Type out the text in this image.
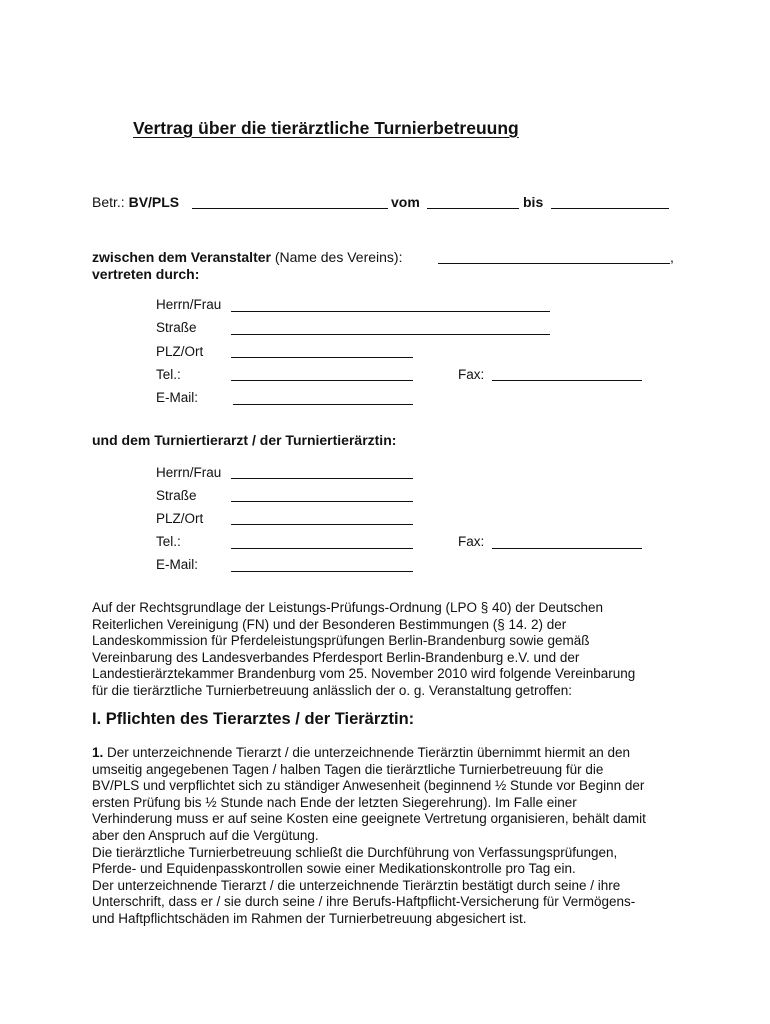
Vertrag über die tierärztliche Turnierbetreuung
Betr.: BV/PLS	vom	bis
zwischen dem Veranstalter (Name des Vereins):	,
vertreten durch:
Herrn/Frau
Straße
PLZ/Ort
Tel.:	Fax:
E-Mail:
und dem Turniertierarzt / der Turniertierärztin:
Herrn/Frau
Straße
PLZ/Ort
Tel.:	Fax:
E-Mail:
Auf der Rechtsgrundlage der Leistungs-Prüfungs-Ordnung (LPO § 40) der Deutschen
Reiterlichen Vereinigung (FN) und der Besonderen Bestimmungen (§ 14. 2) der
Landeskommission für Pferdeleistungsprüfungen Berlin-Brandenburg sowie gemäß
Vereinbarung des Landesverbandes Pferdesport Berlin-Brandenburg e.V. und der
Landestierärztekammer Brandenburg vom 25. November 2010 wird folgende Vereinbarung
für die tierärztliche Turnierbetreuung anlässlich der o. g. Veranstaltung getroffen:
I. Pflichten des Tierarztes / der Tierärztin:
1. Der unterzeichnende Tierarzt / die unterzeichnende Tierärztin übernimmt hiermit an den
umseitig angegebenen Tagen / halben Tagen die tierärztliche Turnierbetreuung für die
BV/PLS und verpflichtet sich zu ständiger Anwesenheit (beginnend ½ Stunde vor Beginn der
ersten Prüfung bis ½ Stunde nach Ende der letzten Siegerehrung). Im Falle einer
Verhinderung muss er auf seine Kosten eine geeignete Vertretung organisieren, behält damit
aber den Anspruch auf die Vergütung.
Die tierärztliche Turnierbetreuung schließt die Durchführung von Verfassungsprüfungen,
Pferde- und Equidenpasskontrollen sowie einer Medikationskontrolle pro Tag ein.
Der unterzeichnende Tierarzt / die unterzeichnende Tierärztin bestätigt durch seine / ihre
Unterschrift, dass er / sie durch seine / ihre Berufs-Haftpflicht-Versicherung für Vermögens-
und Haftpflichtschäden im Rahmen der Turnierbetreuung abgesichert ist.
